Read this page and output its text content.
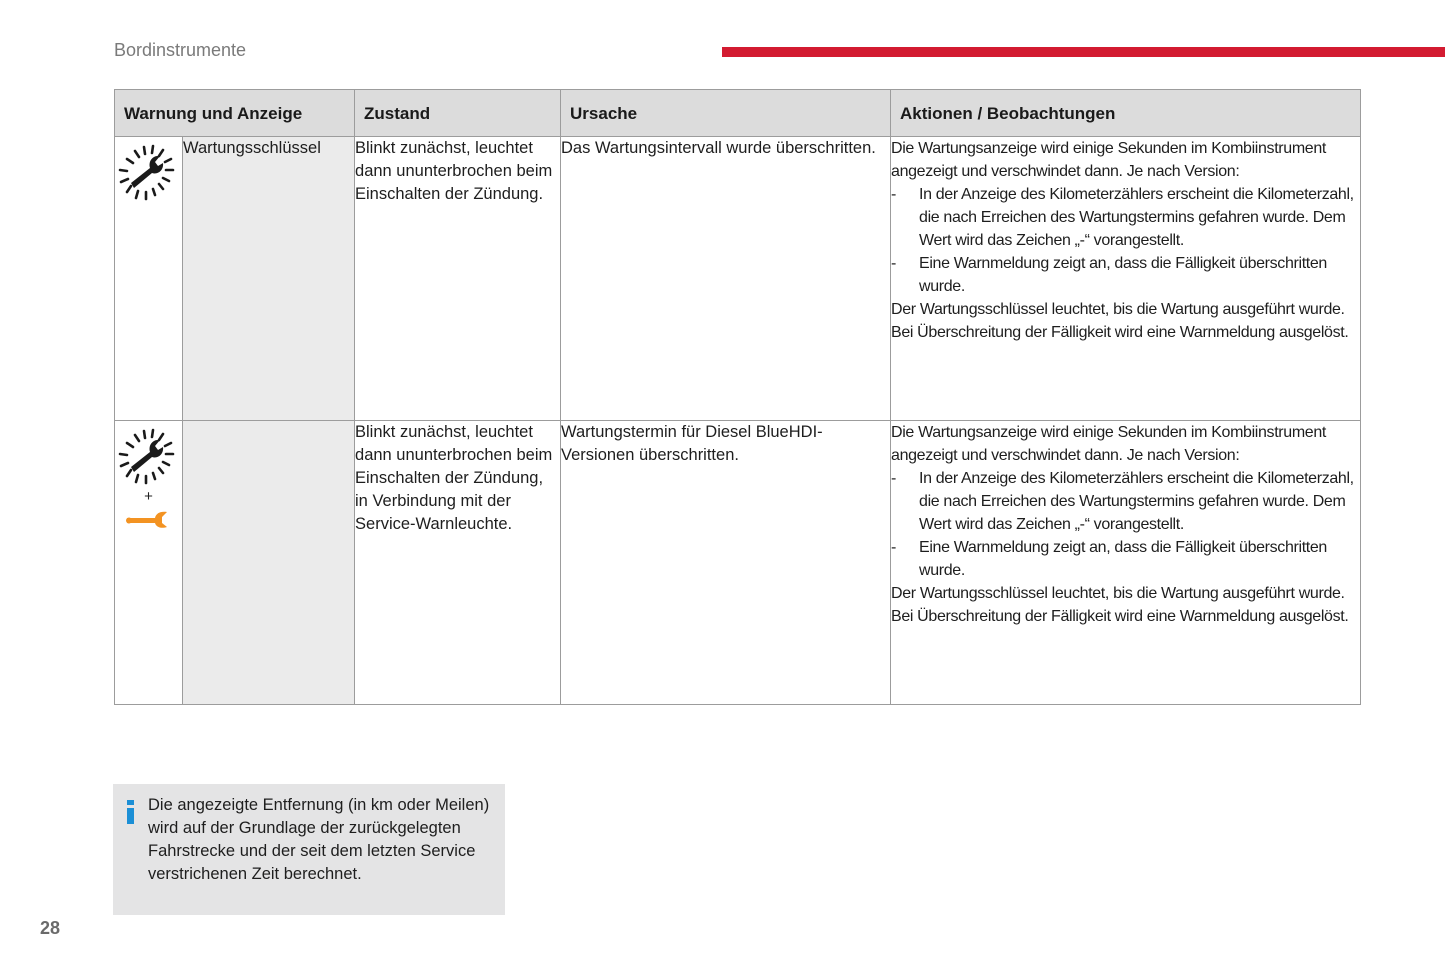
Bordinstrumente
Warnung und Anzeige		Zustand	Ursache	Aktionen / Beobachtungen

	Wartungsschlüssel	Blinkt zunächst, leuchtet dann ununterbrochen beim Einschalten der Zündung.	Das Wartungsintervall wurde überschritten.	Die Wartungsanzeige wird einige Sekunden im Kombiinstrument angezeigt und verschwindet dann. Je nach Version:
-	In der Anzeige des Kilometerzählers erscheint die Kilometerzahl, die nach Erreichen des Wartungstermins gefahren wurde. Dem Wert wird das Zeichen „-“ vorangestellt.
-	Eine Warnmeldung zeigt an, dass die Fälligkeit überschritten wurde.
Der Wartungsschlüssel leuchtet, bis die Wartung ausgeführt wurde.
Bei Überschreitung der Fälligkeit wird eine Warnmeldung ausgelöst.

+
		Blinkt zunächst, leuchtet dann ununterbrochen beim Einschalten der Zündung, in Verbindung mit der Service-Warnleuchte.	Wartungstermin für Diesel BlueHDI-Versionen überschritten.	
Die Wartungsanzeige wird einige Sekunden im Kombiinstrument angezeigt und verschwindet dann. Je nach Version:
-	In der Anzeige des Kilometerzählers erscheint die Kilometerzahl, die nach Erreichen des Wartungstermins gefahren wurde. Dem Wert wird das Zeichen „-“ vorangestellt.
-	Eine Warnmeldung zeigt an, dass die Fälligkeit überschritten wurde.
Der Wartungsschlüssel leuchtet, bis die Wartung ausgeführt wurde.
Bei Überschreitung der Fälligkeit wird eine Warnmeldung ausgelöst.
Die angezeigte Entfernung (in km oder Meilen) wird auf der Grundlage der zurückgelegten Fahrstrecke und der seit dem letzten Service verstrichenen Zeit berechnet.
28
